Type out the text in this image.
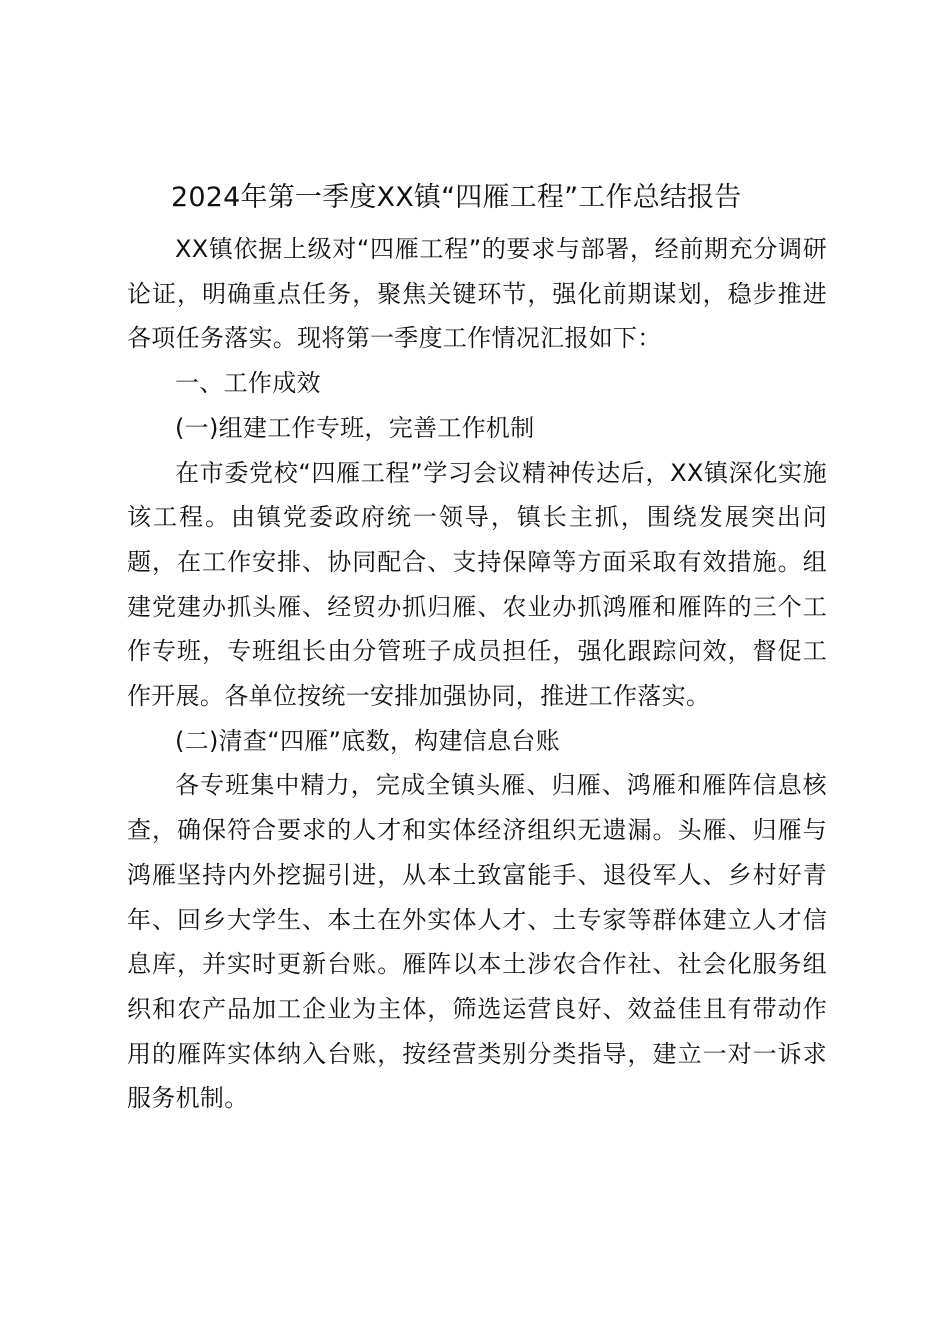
2024年第一季度XX镇“四雁工程”工作总结报告

XX镇依据上级对“四雁工程”的要求与部署，经前期充分调研论证，明确重点任务，聚焦关键环节，强化前期谋划，稳步推进各项任务落实。现将第一季度工作情况汇报如下：

一、工作成效

(一)组建工作专班，完善工作机制

在市委党校“四雁工程”学习会议精神传达后，XX镇深化实施该工程。由镇党委政府统一领导，镇长主抓，围绕发展突出问题，在工作安排、协同配合、支持保障等方面采取有效措施。组建党建办抓头雁、经贸办抓归雁、农业办抓鸿雁和雁阵的三个工作专班，专班组长由分管班子成员担任，强化跟踪问效，督促工作开展。各单位按统一安排加强协同，推进工作落实。

(二)清查“四雁”底数，构建信息台账

各专班集中精力，完成全镇头雁、归雁、鸿雁和雁阵信息核查，确保符合要求的人才和实体经济组织无遗漏。头雁、归雁与鸿雁坚持内外挖掘引进，从本土致富能手、退役军人、乡村好青年、回乡大学生、本土在外实体人才、土专家等群体建立人才信息库，并实时更新台账。雁阵以本土涉农合作社、社会化服务组织和农产品加工企业为主体，筛选运营良好、效益佳且有带动作用的雁阵实体纳入台账，按经营类别分类指导，建立一对一诉求服务机制。
